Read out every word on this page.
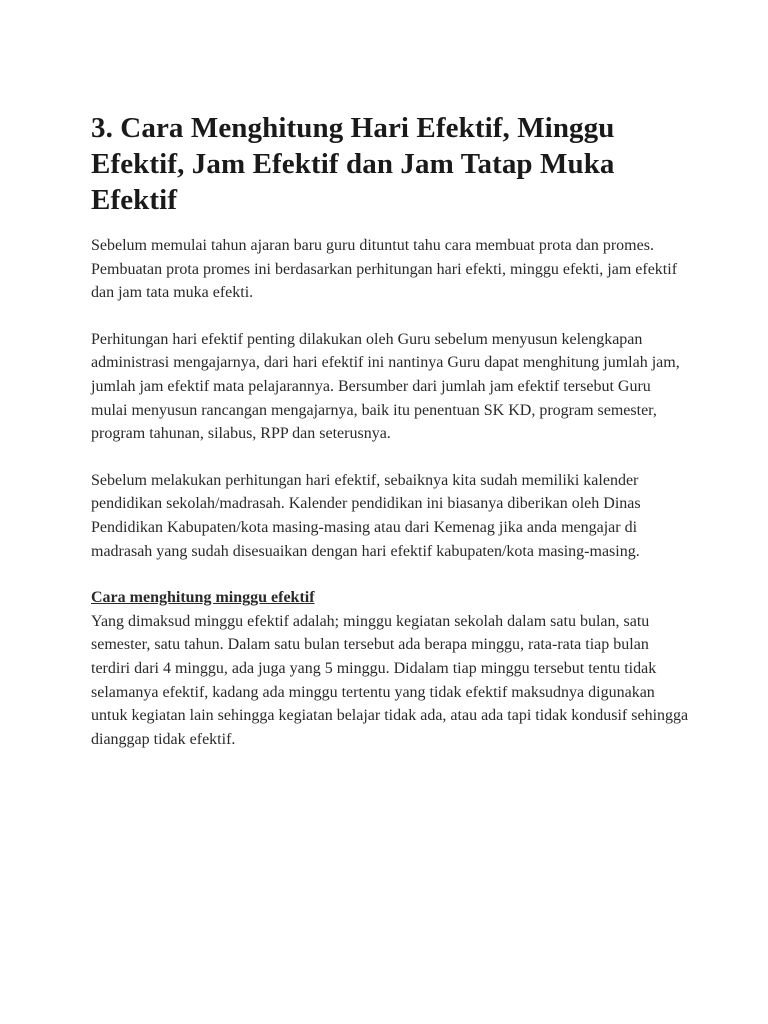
3. Cara Menghitung Hari Efektif, Minggu Efektif, Jam Efektif dan Jam Tatap Muka Efektif

Sebelum memulai tahun ajaran baru guru dituntut tahu cara membuat prota dan promes. Pembuatan prota promes ini berdasarkan perhitungan hari efekti, minggu efekti, jam efektif dan jam tata muka efekti.

Perhitungan hari efektif penting dilakukan oleh Guru sebelum menyusun kelengkapan administrasi mengajarnya, dari hari efektif ini nantinya Guru dapat menghitung jumlah jam, jumlah jam efektif mata pelajarannya. Bersumber dari jumlah jam efektif tersebut Guru mulai menyusun rancangan mengajarnya, baik itu penentuan SK KD, program semester, program tahunan, silabus, RPP dan seterusnya.

Sebelum melakukan perhitungan hari efektif, sebaiknya kita sudah memiliki kalender pendidikan sekolah/madrasah. Kalender pendidikan ini biasanya diberikan oleh Dinas Pendidikan Kabupaten/kota masing-masing atau dari Kemenag jika anda mengajar di madrasah yang sudah disesuaikan dengan hari efektif kabupaten/kota masing-masing.

Cara menghitung minggu efektif

Yang dimaksud minggu efektif adalah; minggu kegiatan sekolah dalam satu bulan, satu semester, satu tahun. Dalam satu bulan tersebut ada berapa minggu, rata-rata tiap bulan terdiri dari 4 minggu, ada juga yang 5 minggu. Didalam tiap minggu tersebut tentu tidak selamanya efektif, kadang ada minggu tertentu yang tidak efektif maksudnya digunakan untuk kegiatan lain sehingga kegiatan belajar tidak ada, atau ada tapi tidak kondusif sehingga dianggap tidak efektif.
